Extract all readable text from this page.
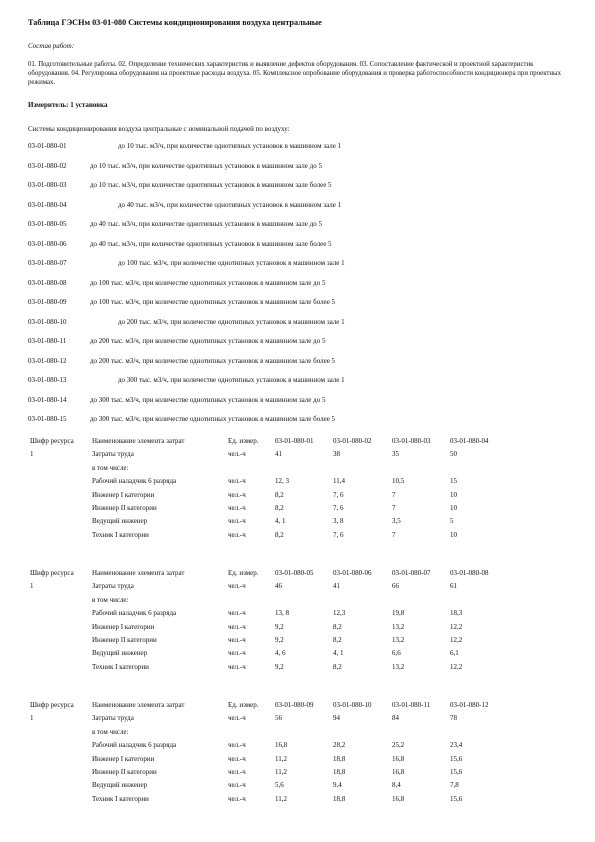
Таблица ГЭСНм 03-01-080 Системы кондиционирования воздуха центральные
Состав работ:
01. Подготовительные работы. 02. Определение технических характеристик и выявление дефектов оборудования. 03. Сопоставление фактической и проектной характеристик оборудования. 04. Регулировка оборудования на проектные расходы воздуха. 05. Комплексное опробование оборудования и проверка работоспособности кондиционера при проектных режимах.
Измеритель: 1 установка
Системы кондиционирования воздуха центральные с номинальной подачей по воздуху:
03-01-080-01	до 10 тыс. м3/ч, при количестве однотипных установок в машинном зале 1
03-01-080-02	до 10 тыс. м3/ч, при количестве однотипных установок в машинном зале до 5
03-01-080-03	до 10 тыс. м3/ч, при количестве однотипных установок в машинном зале более 5
03-01-080-04	до 40 тыс. м3/ч, при количестве однотипных установок в машинном зале 1
03-01-080-05	до 40 тыс. м3/ч, при количестве однотипных установок в машинном зале до 5
03-01-080-06	до 40 тыс. м3/ч, при количестве однотипных установок в машинном зале более 5
03-01-080-07	до 100 тыс. м3/ч, при количестве однотипных установок в машинном зале 1
03-01-080-08	до 100 тыс. м3/ч, при количестве однотипных установок в машинном зале до 5
03-01-080-09	до 100 тыс. м3/ч, при количестве однотипных установок в машинном зале более 5
03-01-080-10	до 200 тыс. м3/ч, при количестве однотипных установок в машинном зале 1
03-01-080-11	до 200 тыс. м3/ч, при количестве однотипных установок в машинном зале до 5
03-01-080-12	до 200 тыс. м3/ч, при количестве однотипных установок в машинном зале более 5
03-01-080-13	до 300 тыс. м3/ч, при количестве однотипных установок в машинном зале 1
03-01-080-14	до 300 тыс. м3/ч, при количестве однотипных установок в машинном зале до 5
03-01-080-15	до 300 тыс. м3/ч, при количестве однотипных установок в машинном зале более 5
Шифр ресурса	Наименование элемента затрат	Ед. измер. 03-01-080-01	03-01-080-02	03-01-080-03	03-01-080-04
1	Затраты труда	чел.-ч	41	38	35	50
в том числе:
Рабочий наладчик 6 разряда	чел.-ч	12, 3	11,4	10,5	15
Инженер I категории	чел.-ч	8,2	7, 6	7	10
Инженер II категории	чел.-ч	8,2	7, 6	7	10
Ведущий инженер	чел.-ч	4, 1	3, 8	3,5	5
Техник I категории	чел.-ч	8,2	7, 6	7	10
Шифр ресурса	Наименование элемента затрат	Ед. измер. 03-01-080-05	03-01-080-06	03-01-080-07	03-01-080-08
1	Затраты труда	чел.-ч	46	41	66	61
в том числе:
Рабочий наладчик 6 разряда	чел.-ч	13, 8	12,3	19,8	18,3
Инженер I категории	чел.-ч	9,2	8,2	13,2	12,2
Инженер II категории	чел.-ч	9,2	8,2	13,2	12,2
Ведущий инженер	чел.-ч	4, 6	4, 1	6,6	6,1
Техник I категории	чел.-ч	9,2	8,2	13,2	12,2
Шифр ресурса	Наименование элемента затрат	Ед. измер. 03-01-080-09	03-01-080-10	03-01-080-11	03-01-080-12
1	Затраты труда	чел.-ч	56	94	84	78
в том числе:
Рабочий наладчик 6 разряда	чел.-ч	16,8	28,2	25,2	23,4
Инженер I категории	чел.-ч	11,2	18,8	16,8	15,6
Инженер II категории	чел.-ч	11,2	18,8	16,8	15,6
Ведущий инженер	чел.-ч	5,6	9,4	8,4	7,8
Техник I категории	чел.-ч	11,2	18,8	16,8	15,6
